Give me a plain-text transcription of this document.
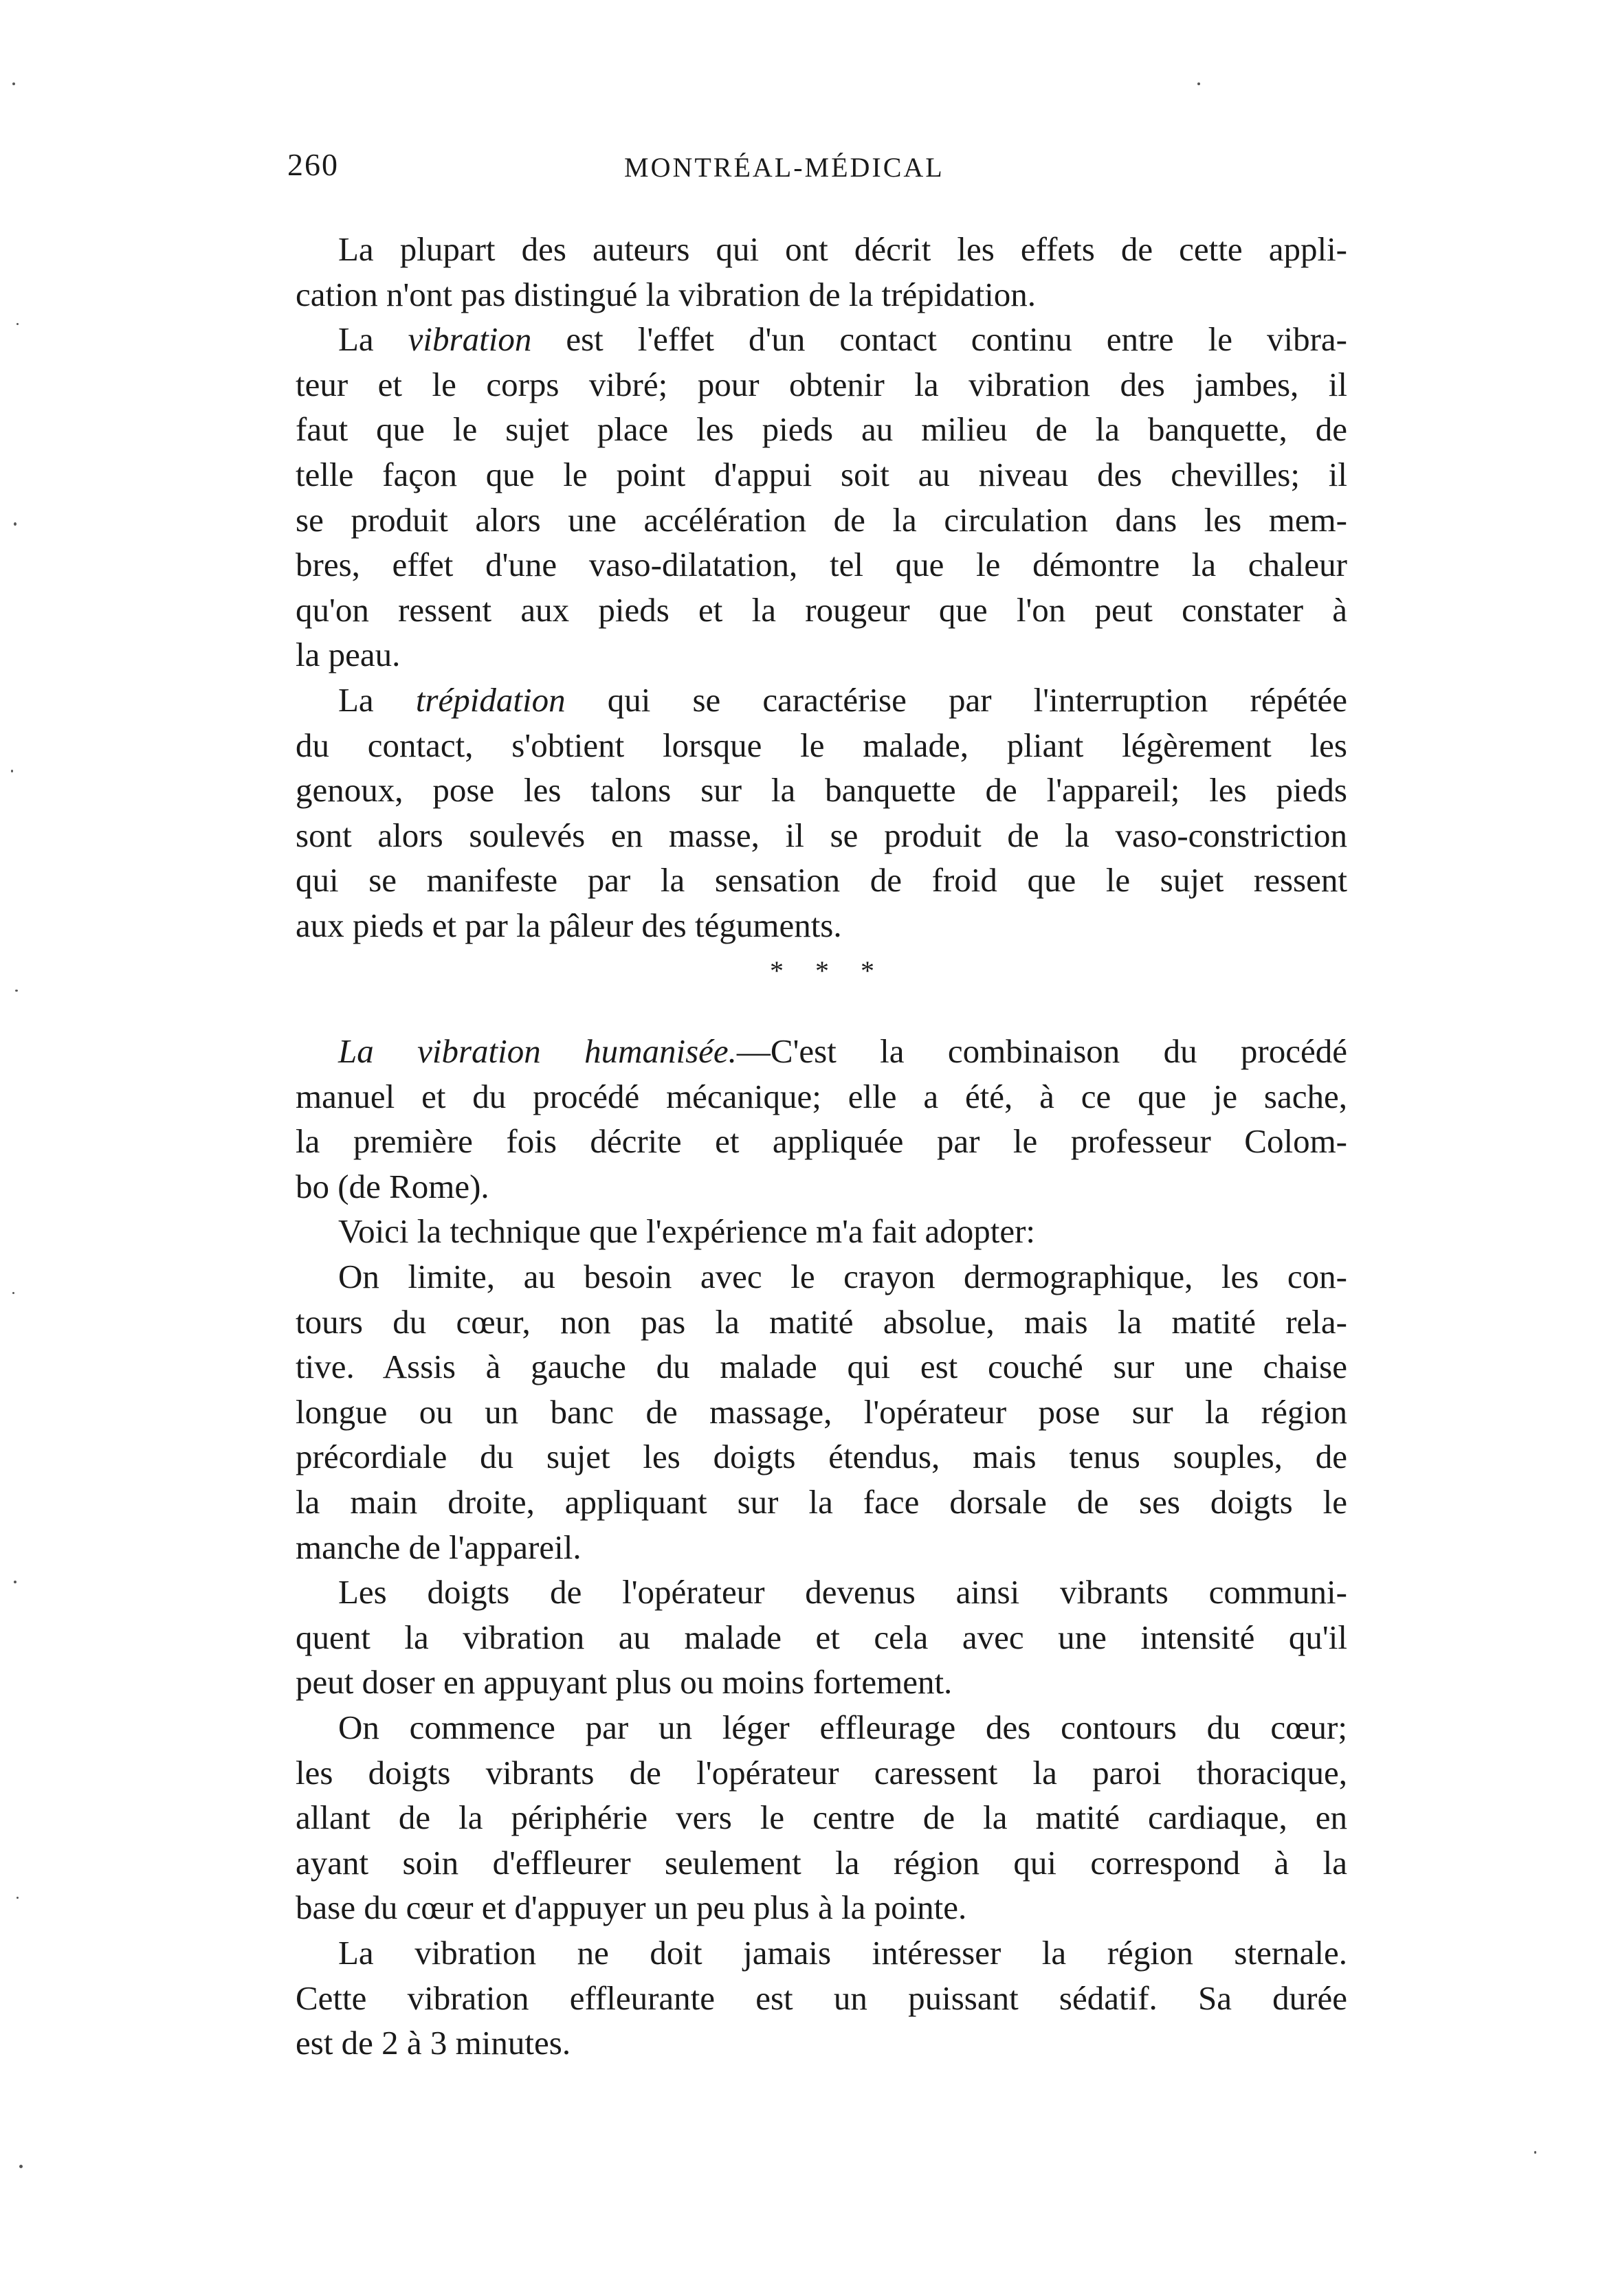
260	MONTRÉAL-MÉDICAL
La plupart des auteurs qui ont décrit les effets de cette appli-
cation n'ont pas distingué la vibration de la trépidation.
La vibration est l'effet d'un contact continu entre le vibra-
teur et le corps vibré; pour obtenir la vibration des jambes, il
faut que le sujet place les pieds au milieu de la banquette, de
telle façon que le point d'appui soit au niveau des chevilles; il
se produit alors une accélération de la circulation dans les mem-
bres, effet d'une vaso-dilatation, tel que le démontre la chaleur
qu'on ressent aux pieds et la rougeur que l'on peut constater à
la peau.
La trépidation qui se caractérise par l'interruption répétée
du contact, s'obtient lorsque le malade, pliant légèrement les
genoux, pose les talons sur la banquette de l'appareil; les pieds
sont alors soulevés en masse, il se produit de la vaso-constriction
qui se manifeste par la sensation de froid que le sujet ressent
aux pieds et par la pâleur des téguments.
* * *
La vibration humanisée.—C'est la combinaison du procédé
manuel et du procédé mécanique; elle a été, à ce que je sache,
la première fois décrite et appliquée par le professeur Colom-
bo (de Rome).
Voici la technique que l'expérience m'a fait adopter:
On limite, au besoin avec le crayon dermographique, les con-
tours du cœur, non pas la matité absolue, mais la matité rela-
tive. Assis à gauche du malade qui est couché sur une chaise
longue ou un banc de massage, l'opérateur pose sur la région
précordiale du sujet les doigts étendus, mais tenus souples, de
la main droite, appliquant sur la face dorsale de ses doigts le
manche de l'appareil.
Les doigts de l'opérateur devenus ainsi vibrants communi-
quent la vibration au malade et cela avec une intensité qu'il
peut doser en appuyant plus ou moins fortement.
On commence par un léger effleurage des contours du cœur;
les doigts vibrants de l'opérateur caressent la paroi thoracique,
allant de la périphérie vers le centre de la matité cardiaque, en
ayant soin d'effleurer seulement la région qui correspond à la
base du cœur et d'appuyer un peu plus à la pointe.
La vibration ne doit jamais intéresser la région sternale.
Cette vibration effleurante est un puissant sédatif. Sa durée
est de 2 à 3 minutes.
